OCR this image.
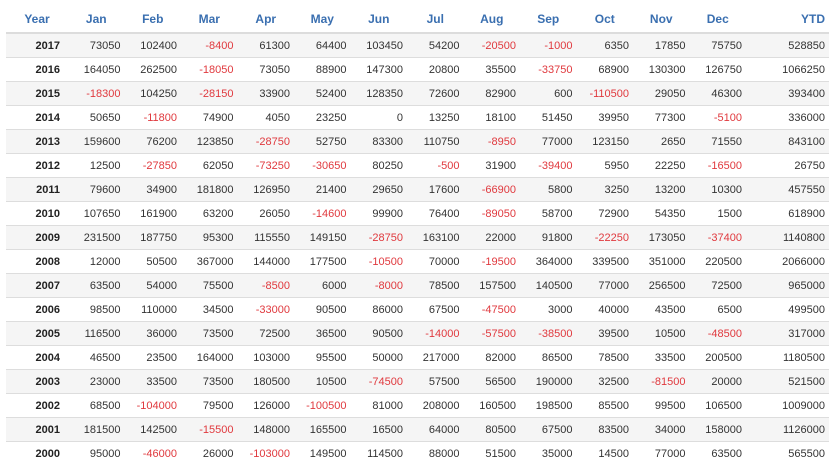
Year	Jan	Feb	Mar	Apr	May	Jun	Jul	Aug	Sep	Oct	Nov	Dec	YTD
2017	73050	102400	-8400	61300	64400	103450	54200	-20500	-1000	6350	17850	75750	528850
2016	164050	262500	-18050	73050	88900	147300	20800	35500	-33750	68900	130300	126750	1066250
2015	-18300	104250	-28150	33900	52400	128350	72600	82900	600	-110500	29050	46300	393400
2014	50650	-11800	74900	4050	23250	0	13250	18100	51450	39950	77300	-5100	336000
2013	159600	76200	123850	-28750	52750	83300	110750	-8950	77000	123150	2650	71550	843100
2012	12500	-27850	62050	-73250	-30650	80250	-500	31900	-39400	5950	22250	-16500	26750
2011	79600	34900	181800	126950	21400	29650	17600	-66900	5800	3250	13200	10300	457550
2010	107650	161900	63200	26050	-14600	99900	76400	-89050	58700	72900	54350	1500	618900
2009	231500	187750	95300	115550	149150	-28750	163100	22000	91800	-22250	173050	-37400	1140800
2008	12000	50500	367000	144000	177500	-10500	70000	-19500	364000	339500	351000	220500	2066000
2007	63500	54000	75500	-8500	6000	-8000	78500	157500	140500	77000	256500	72500	965000
2006	98500	110000	34500	-33000	90500	86000	67500	-47500	3000	40000	43500	6500	499500
2005	116500	36000	73500	72500	36500	90500	-14000	-57500	-38500	39500	10500	-48500	317000
2004	46500	23500	164000	103000	95500	50000	217000	82000	86500	78500	33500	200500	1180500
2003	23000	33500	73500	180500	10500	-74500	57500	56500	190000	32500	-81500	20000	521500
2002	68500	-104000	79500	126000	-100500	81000	208000	160500	198500	85500	99500	106500	1009000
2001	181500	142500	-15500	148000	165500	16500	64000	80500	67500	83500	34000	158000	1126000
2000	95000	-46000	26000	-103000	149500	114500	88000	51500	35000	14500	77000	63500	565500
